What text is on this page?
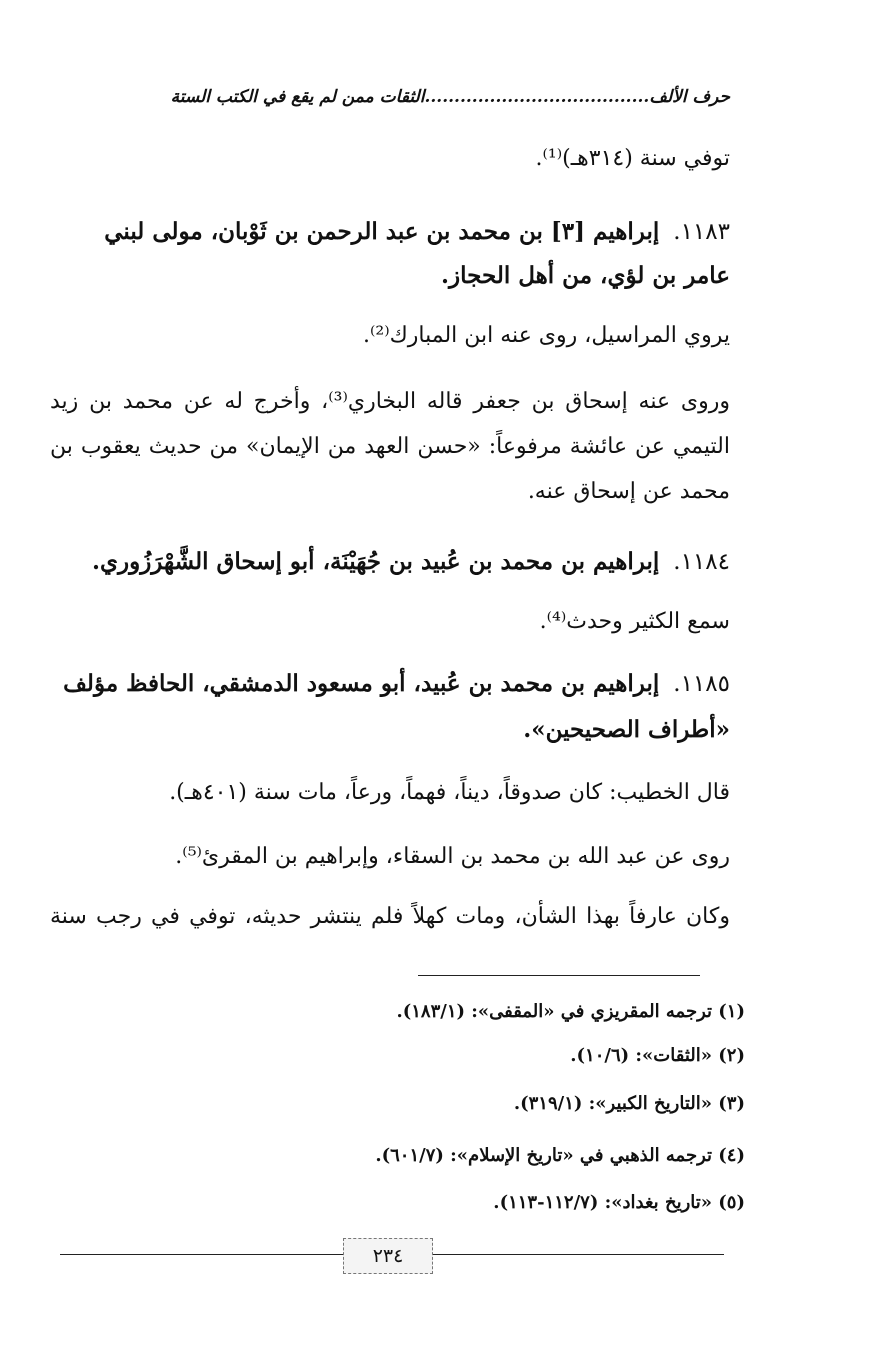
حرف الألف......................................الثقات ممن لم يقع في الكتب الستة
توفي سنة (٣١٤هـ)⁽¹⁾.
١١٨٣.إبراهيم [٣] بن محمد بن عبد الرحمن بن ثَوْبان، مولى لبني
عامر بن لؤي، من أهل الحجاز.
يروي المراسيل، روى عنه ابن المبارك⁽²⁾.
وروى عنه إسحاق بن جعفر قاله البخاري⁽³⁾، وأخرج له عن محمد بن زيد
التيمي عن عائشة مرفوعاً: «حسن العهد من الإيمان» من حديث يعقوب بن
محمد عن إسحاق عنه.
١١٨٤.إبراهيم بن محمد بن عُبيد بن جُهَيْنَة، أبو إسحاق الشَّهْرَزُوري.
سمع الكثير وحدث⁽⁴⁾.
١١٨٥.إبراهيم بن محمد بن عُبيد، أبو مسعود الدمشقي، الحافظ مؤلف
«أطراف الصحيحين».
قال الخطيب: كان صدوقاً، ديناً، فهماً، ورعاً، مات سنة (٤٠١هـ).
روى عن عبد الله بن محمد بن السقاء، وإبراهيم بن المقرئ⁽⁵⁾.
وكان عارفاً بهذا الشأن، ومات كهلاً فلم ينتشر حديثه، توفي في رجب سنة
(١) ترجمه المقريزي في «المقفى»: (١٨٣/١).
(٢) «الثقات»: (١٠/٦).
(٣) «التاريخ الكبير»: (٣١٩/١).
(٤) ترجمه الذهبي في «تاريخ الإسلام»: (٦٠١/٧).
(٥) «تاريخ بغداد»: (١١٢/٧-١١٣).
٢٣٤
